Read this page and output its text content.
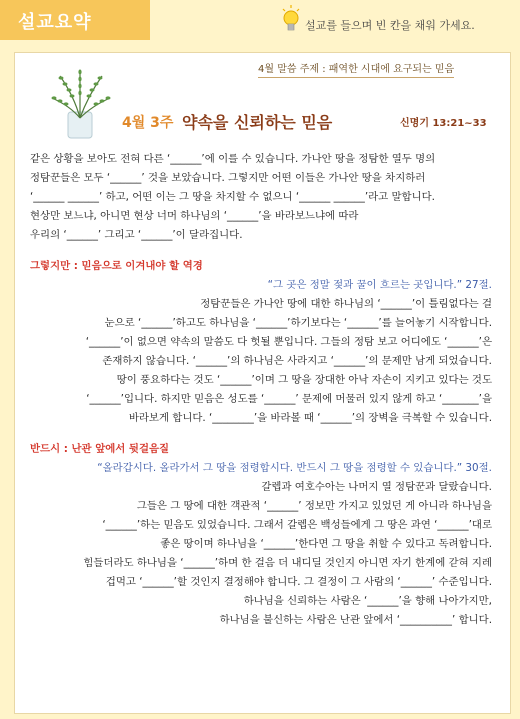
설교요약	설교를 들으며 빈 칸을 채워 가세요.
4월 말씀 주제 : 패역한 시대에 요구되는 믿음
4월 3주 약속을 신뢰하는 믿음	신명기 13:21~33
같은 상황을 보아도 전혀 다른 ‘______’에 이를 수 있습니다. 가나안 땅을 정탐한 열두 명의
정탐꾼들은 모두 ‘______’ 것을 보았습니다. 그렇지만 어떤 이들은 가나안 땅을 차지하러
‘______ ______’ 하고, 어떤 이는 그 땅을 차지할 수 없으니 ‘______ ______’라고 말합니다.
현상만 보느냐, 아니면 현상 너머 하나님의 ‘______’을 바라보느냐에 따라
우리의 ‘______’ 그리고 ‘______’이 달라집니다.
그렇지만 : 믿음으로 이겨내야 할 역경
“그 곳은 정말 젖과 꿀이 흐르는 곳입니다.” 27절.
정탐꾼들은 가나안 땅에 대한 하나님의 ‘______’이 틀림없다는 걸
눈으로 ‘______’하고도 하나님을 ‘______’하기보다는 ‘______’를 늘어놓기 시작합니다.
‘______’이 없으면 약속의 말씀도 다 헛될 뿐입니다. 그들의 정탐 보고 어디에도 ‘______’은
존재하지 않습니다. ‘______’의 하나님은 사라지고 ‘______’의 문제만 남게 되었습니다.
땅이 풍요하다는 것도 ‘______’이며 그 땅을 장대한 아낙 자손이 지키고 있다는 것도
‘______’입니다. 하지만 믿음은 성도를 ‘______’ 문제에 머물러 있지 않게 하고 ‘_______’을
바라보게 합니다. ‘________’을 바라볼 때 ‘______’의 장벽을 극복할 수 있습니다.
반드시 : 난관 앞에서 뒷걸음질
“올라갑시다. 올라가서 그 땅을 점령합시다. 반드시 그 땅을 점령할 수 있습니다.” 30절.
갈렙과 여호수아는 나머지 열 정탐꾼과 달랐습니다.
그들은 그 땅에 대한 객관적 ‘______’ 정보만 가지고 있었던 게 아니라 하나님을
‘______’하는 믿음도 있었습니다. 그래서 갈렙은 백성들에게 그 땅은 과연 ‘______’대로
좋은 땅이며 하나님을 ‘______’한다면 그 땅을 취할 수 있다고 독려합니다.
힘들더라도 하나님을 ‘______’하며 한 걸음 더 내디딜 것인지 아니면 자기 한계에 갇혀 지레
겁먹고 ‘______’할 것인지 결정해야 합니다. 그 결정이 그 사람의 ‘______’ 수준입니다.
하나님을 신뢰하는 사람은 ‘______’을 향해 나아가지만,
하나님을 불신하는 사람은 난관 앞에서 ‘__________’ 합니다.
